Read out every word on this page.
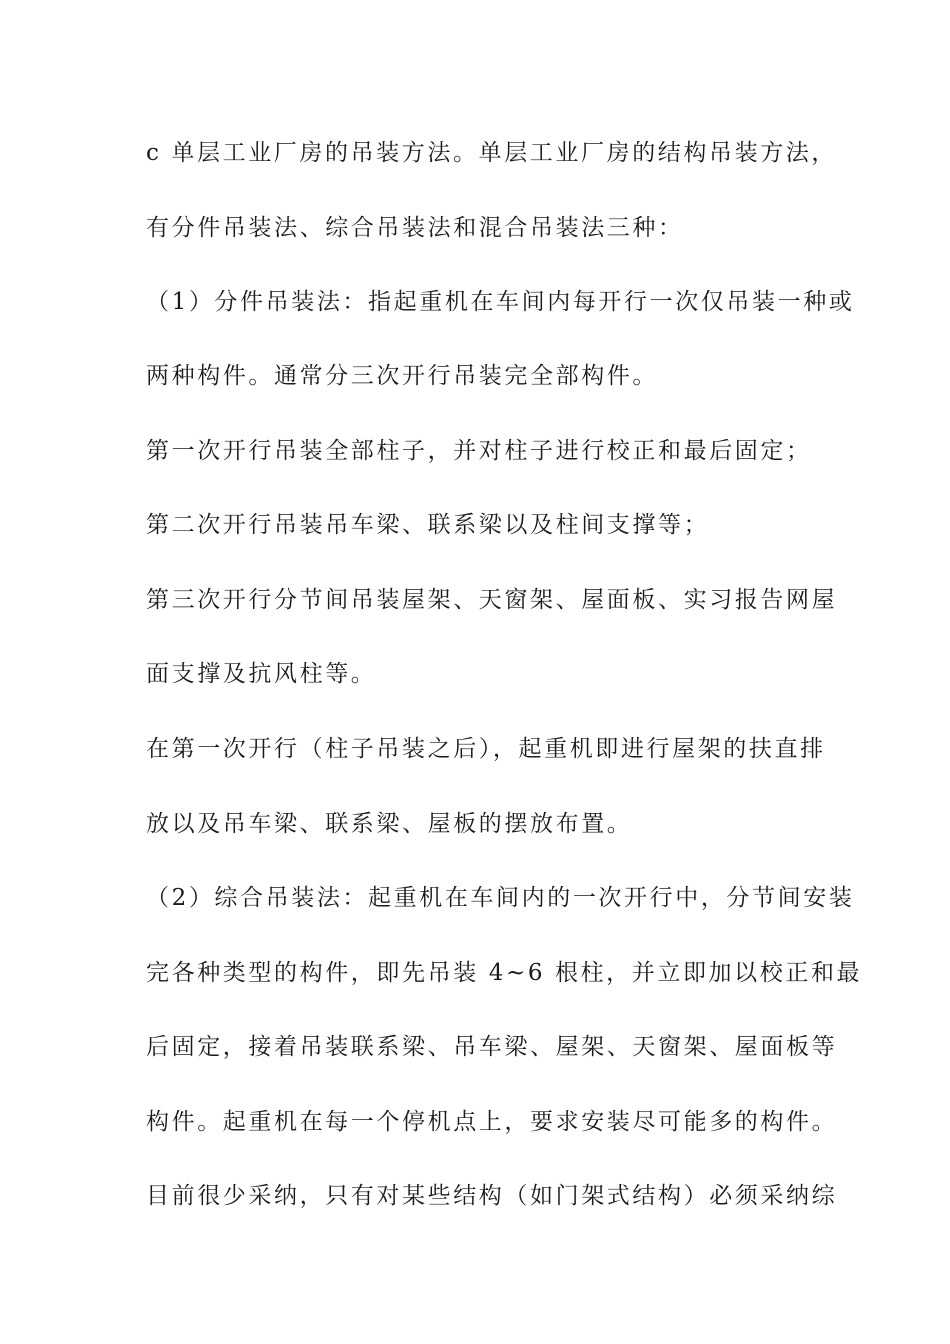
c 单层工业厂房的吊装方法。单层工业厂房的结构吊装方法，
有分件吊装法、综合吊装法和混合吊装法三种：
（1）分件吊装法：指起重机在车间内每开行一次仅吊装一种或
两种构件。通常分三次开行吊装完全部构件。
第一次开行吊装全部柱子，并对柱子进行校正和最后固定；
第二次开行吊装吊车梁、联系梁以及柱间支撑等；
第三次开行分节间吊装屋架、天窗架、屋面板、实习报告网屋
面支撑及抗风柱等。
在第一次开行（柱子吊装之后），起重机即进行屋架的扶直排
放以及吊车梁、联系梁、屋板的摆放布置。
（2）综合吊装法：起重机在车间内的一次开行中，分节间安装
完各种类型的构件，即先吊装 4~6 根柱，并立即加以校正和最
后固定，接着吊装联系梁、吊车梁、屋架、天窗架、屋面板等
构件。起重机在每一个停机点上，要求安装尽可能多的构件。
目前很少采纳，只有对某些结构（如门架式结构）必须采纳综
